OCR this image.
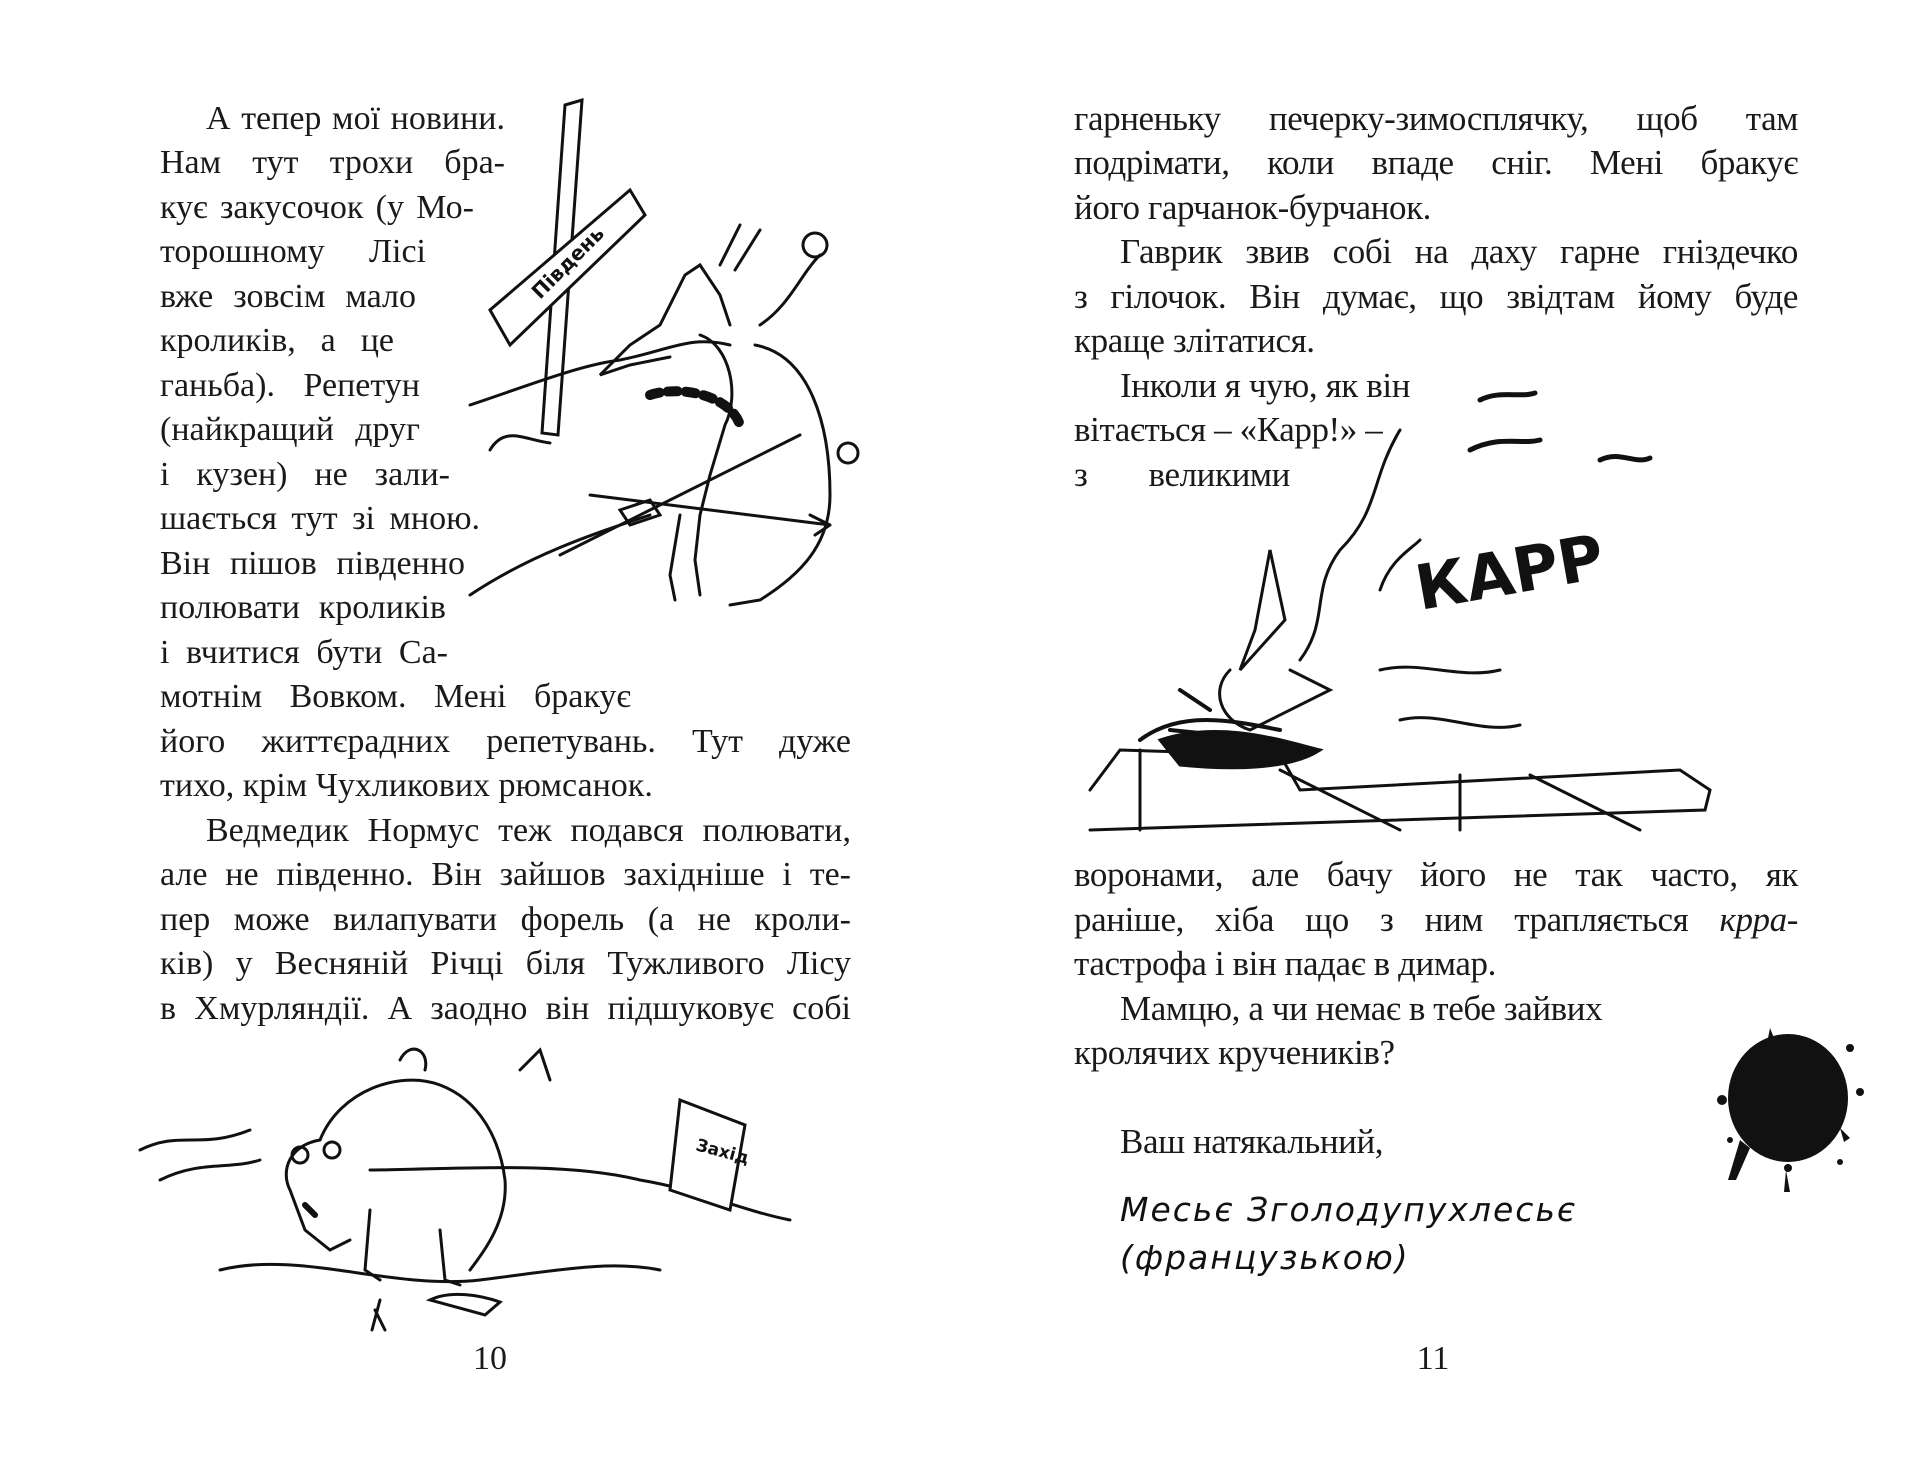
А тепер мої новини.
Нам тут трохи бра-
кує закусочок (у Мо-
торошному Лісі
вже зовсім мало
кроликів, а це
ганьба). Репетун
(найкращий друг
і кузен) не зали-
шається тут зі мною.
Він пішов південно
полювати кроликів
і вчитися бути Са-
мотнім Вовком. Мені бракує
його життєрадних репетувань. Тут дуже
тихо, крім Чухликових рюмсанок.
Ведмедик Нормус теж подався полювати,
але не південно. Він зайшов західніше і те-
пер може вилапувати форель (а не кроли-
ків) у Весняній Річці біля Тужливого Лісу
в Хмурляндії. А заодно він підшуковує собі
Південь
Захід
10
гарненьку печерку-зимосплячку, щоб там
подрімати, коли впаде сніг. Мені бракує
його гарчанок-бурчанок.
Гаврик звив собі на даху гарне гніздечко
з гілочок. Він думає, що звідтам йому буде
краще злітатися.
Інколи я чую, як він
вітається – «Карр!» –
з великими
КАРР
воронами, але бачу його не так часто, як
раніше, хіба що з ним трапляється крра-
тастрофа і він падає в димар.
Мамцю, а чи немає в тебе зайвих
кролячих кручеників?
Ваш натякальний,
Месьє Зголодупухлесьє
(французькою)
11
